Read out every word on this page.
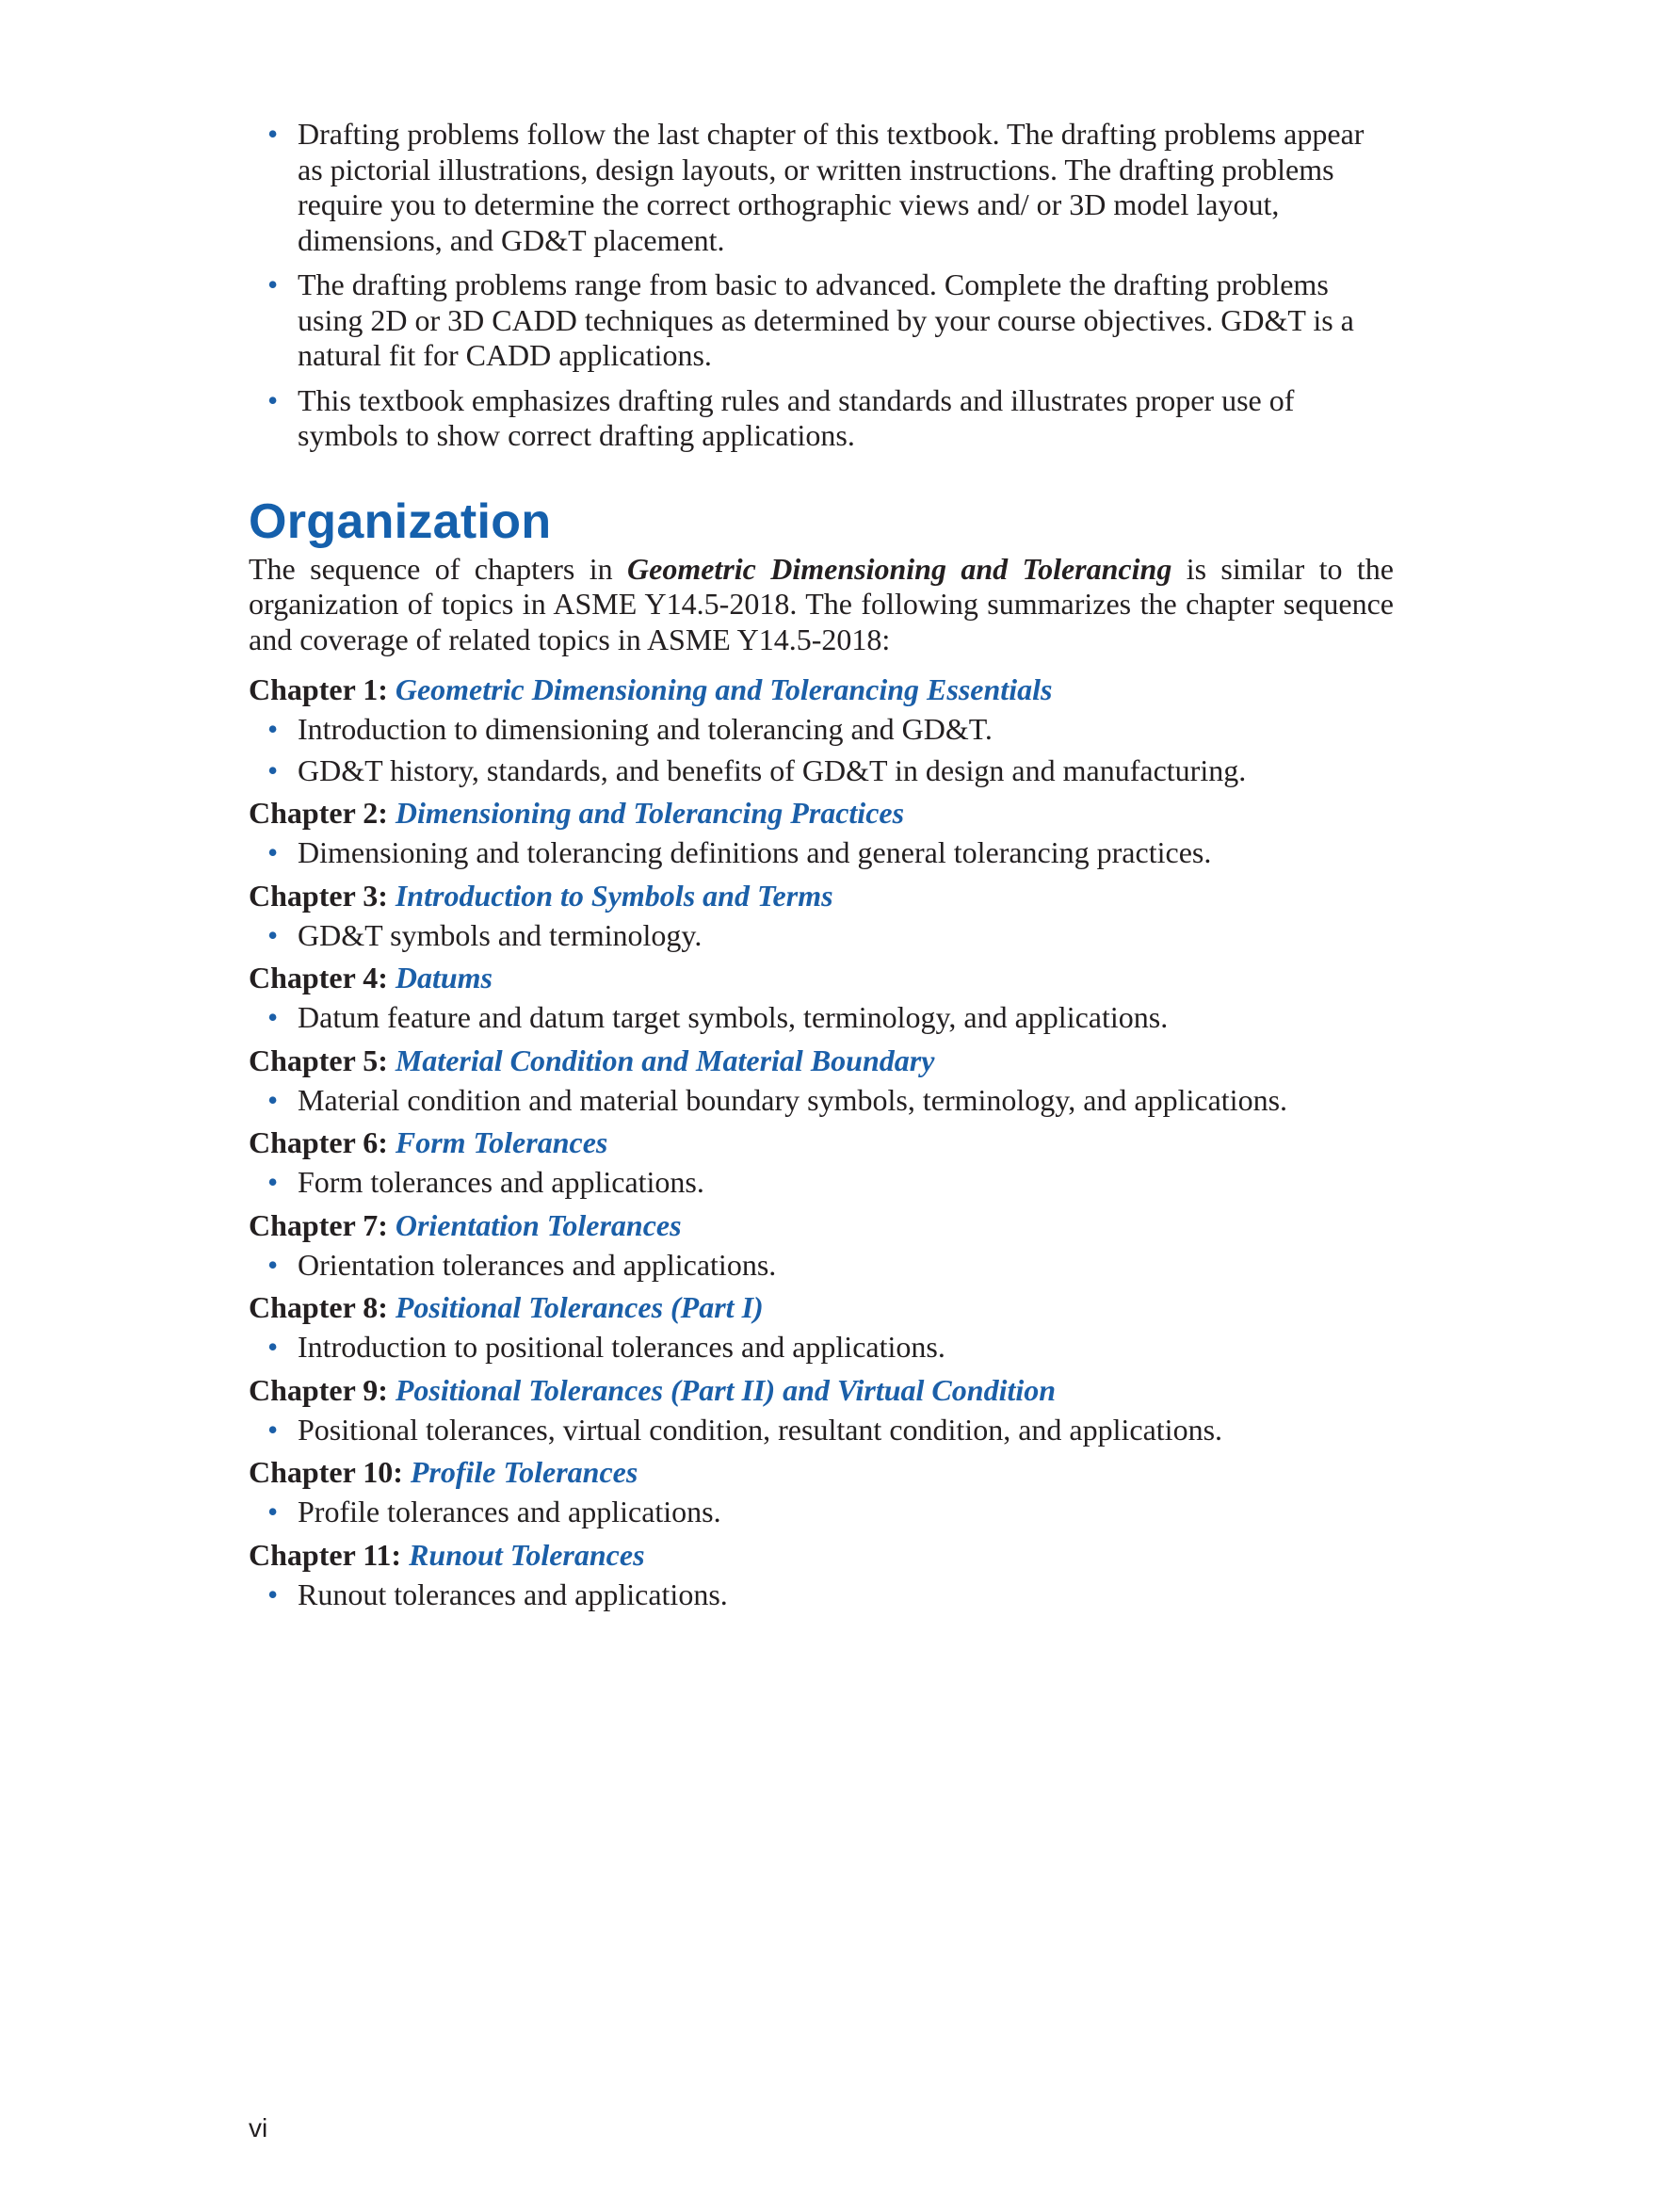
• Drafting problems follow the last chapter of this textbook. The drafting problems appear as pictorial illustrations, design layouts, or written instructions. The drafting problems require you to determine the correct orthographic views and/ or 3D model layout, dimensions, and GD&T placement.
• The drafting problems range from basic to advanced. Complete the drafting problems using 2D or 3D CADD techniques as determined by your course objectives. GD&T is a natural fit for CADD applications.
• This textbook emphasizes drafting rules and standards and illustrates proper use of symbols to show correct drafting applications.
Organization

The sequence of chapters in Geometric Dimensioning and Tolerancing is similar to the organization of topics in ASME Y14.5-2018. The following summarizes the chapter sequence and coverage of related topics in ASME Y14.5-2018:

Chapter 1: Geometric Dimensioning and Tolerancing Essentials
• Introduction to dimensioning and tolerancing and GD&T.
• GD&T history, standards, and benefits of GD&T in design and manufacturing.
Chapter 2: Dimensioning and Tolerancing Practices
• Dimensioning and tolerancing definitions and general tolerancing practices.
Chapter 3: Introduction to Symbols and Terms
• GD&T symbols and terminology.
Chapter 4: Datums
• Datum feature and datum target symbols, terminology, and applications.
Chapter 5: Material Condition and Material Boundary
• Material condition and material boundary symbols, terminology, and applications.
Chapter 6: Form Tolerances
• Form tolerances and applications.
Chapter 7: Orientation Tolerances
• Orientation tolerances and applications.
Chapter 8: Positional Tolerances (Part I)
• Introduction to positional tolerances and applications.
Chapter 9: Positional Tolerances (Part II) and Virtual Condition
• Positional tolerances, virtual condition, resultant condition, and applications.
Chapter 10: Profile Tolerances
• Profile tolerances and applications.
Chapter 11: Runout Tolerances
• Runout tolerances and applications.
vi
